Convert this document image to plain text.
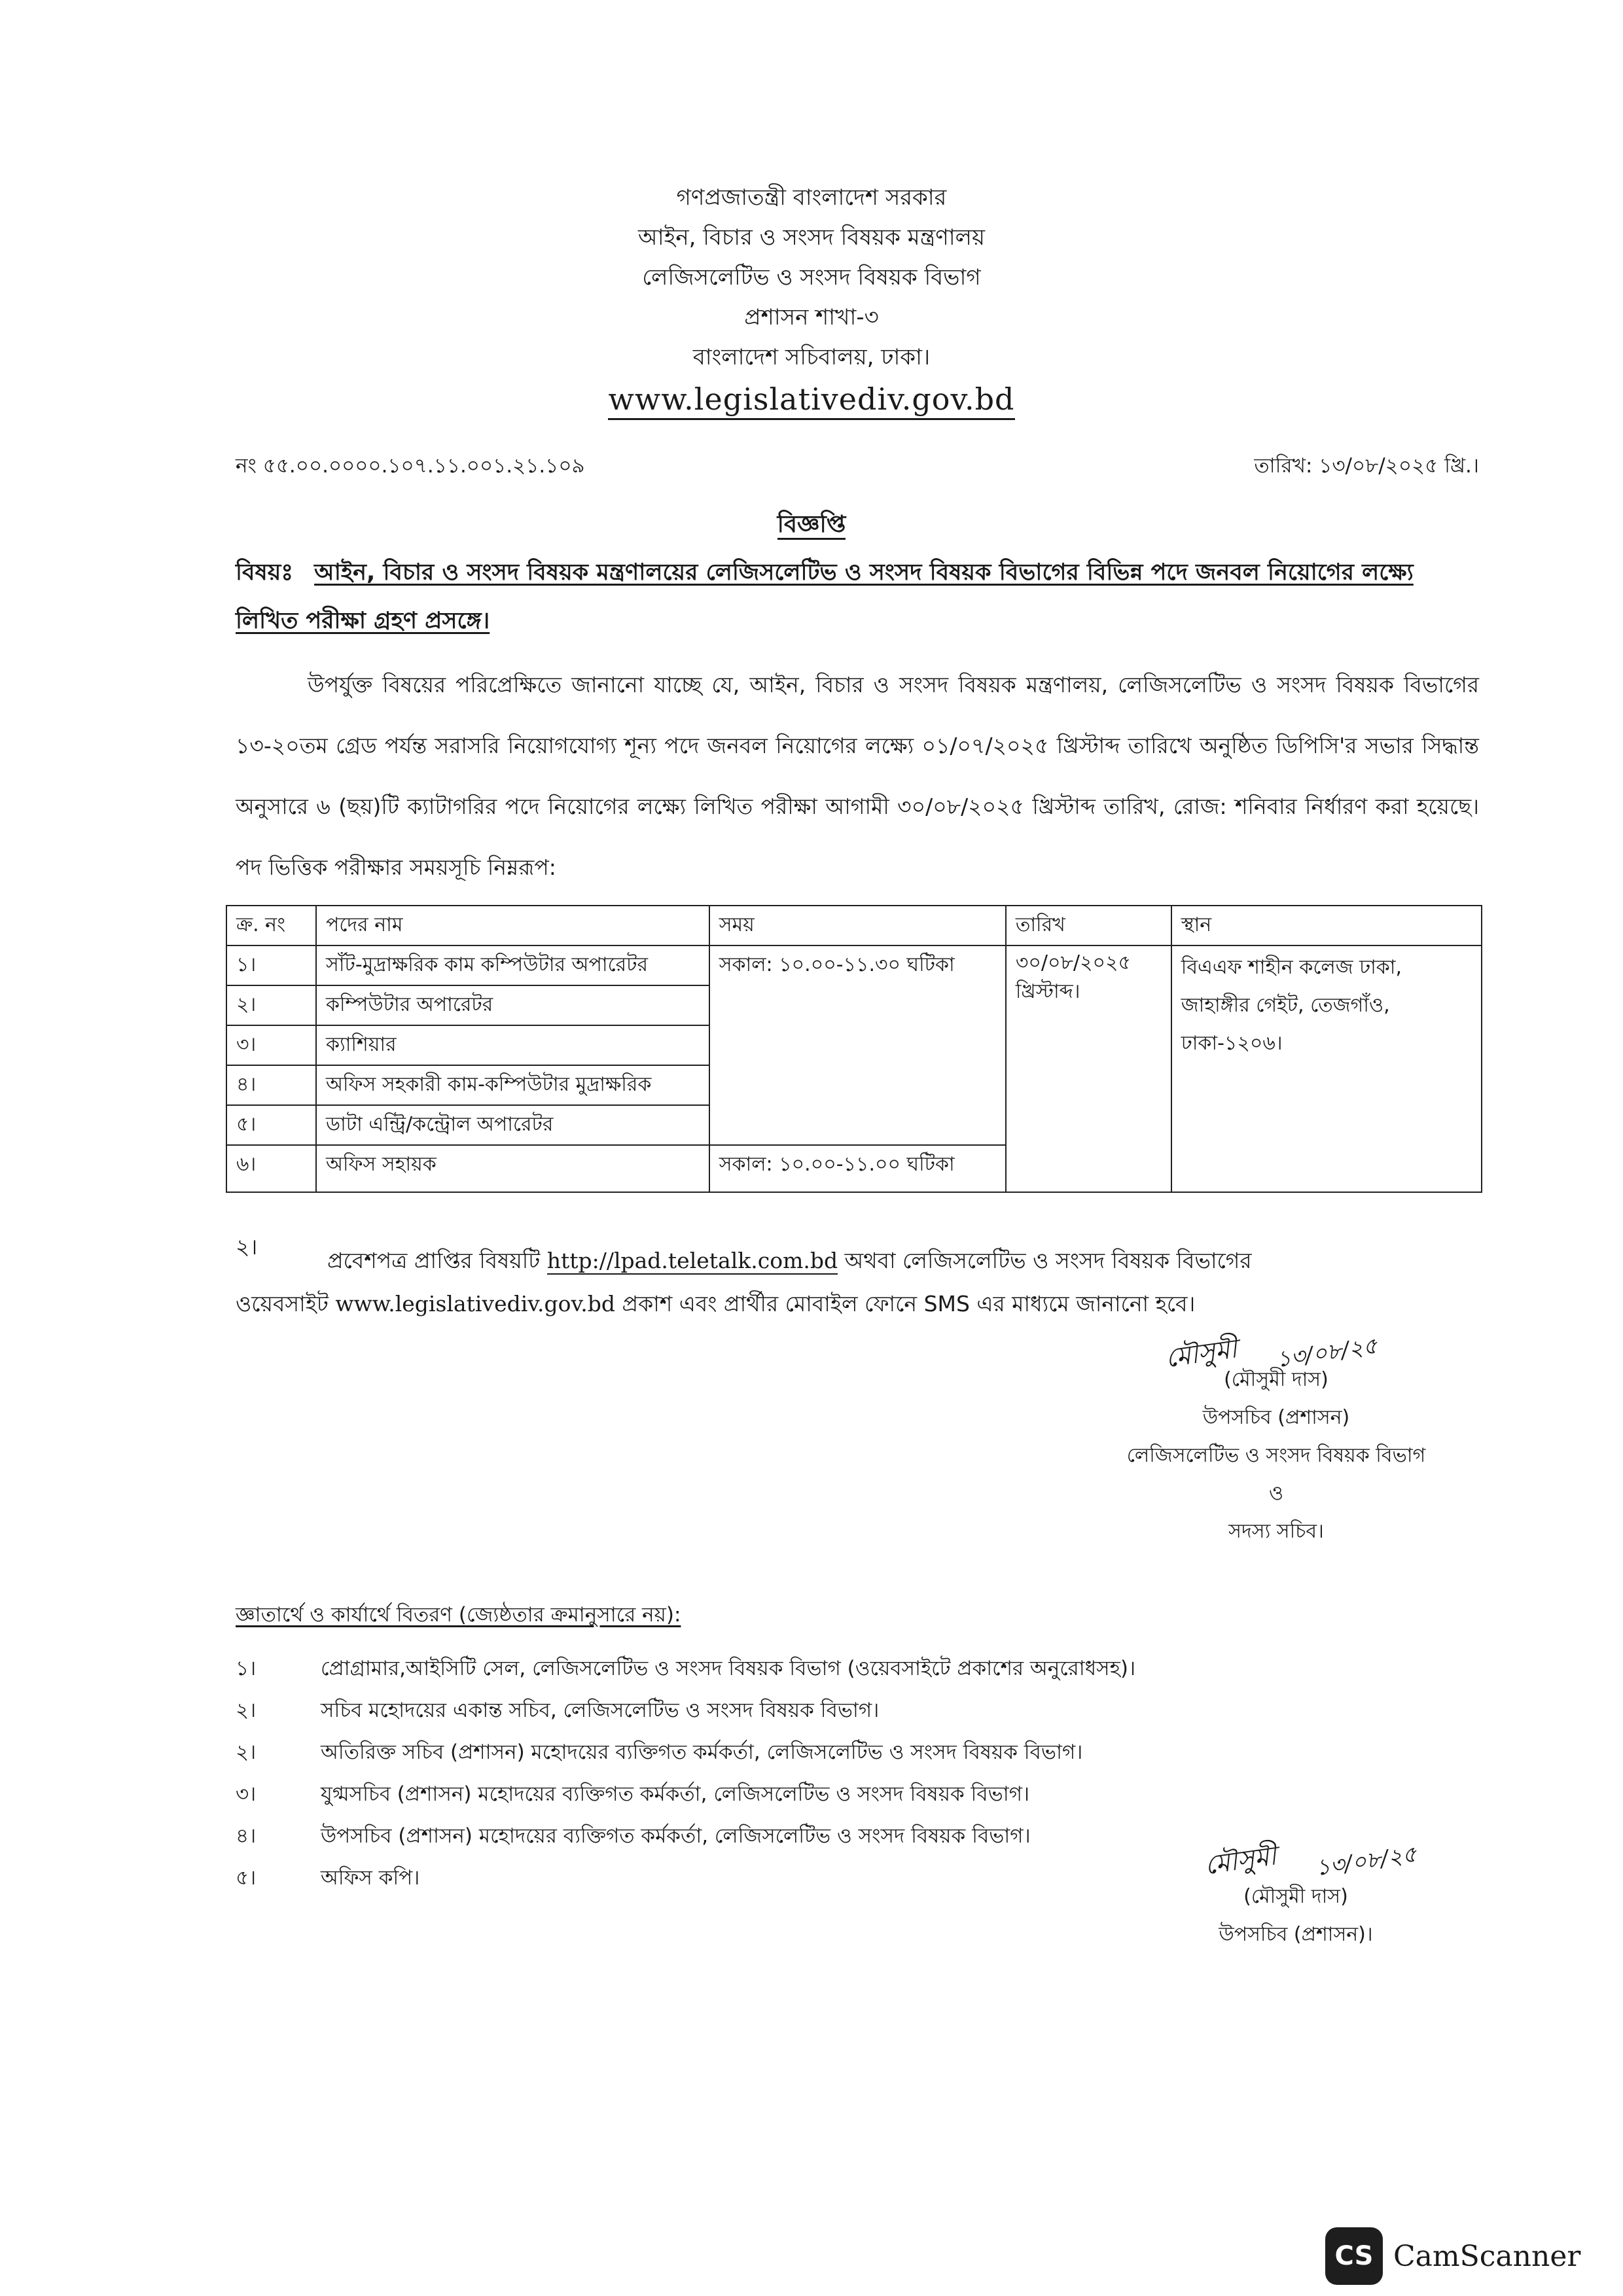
গণপ্রজাতন্ত্রী বাংলাদেশ সরকার
আইন, বিচার ও সংসদ বিষয়ক মন্ত্রণালয়
লেজিসলেটিভ ও সংসদ বিষয়ক বিভাগ
প্রশাসন শাখা-৩
বাংলাদেশ সচিবালয়, ঢাকা।
www.legislativediv.gov.bd
নং ৫৫.০০.০০০০.১০৭.১১.০০১.২১.১০৯	তারিখ: ১৩/০৮/২০২৫ খ্রি.।
বিজ্ঞপ্তি
বিষয়ঃ আইন, বিচার ও সংসদ বিষয়ক মন্ত্রণালয়ের লেজিসলেটিভ ও সংসদ বিষয়ক বিভাগের বিভিন্ন পদে জনবল নিয়োগের লক্ষ্যে লিখিত পরীক্ষা গ্রহণ প্রসঙ্গে।
উপর্যুক্ত বিষয়ের পরিপ্রেক্ষিতে জানানো যাচ্ছে যে, আইন, বিচার ও সংসদ বিষয়ক মন্ত্রণালয়, লেজিসলেটিভ ও সংসদ বিষয়ক বিভাগের ১৩-২০তম গ্রেড পর্যন্ত সরাসরি নিয়োগযোগ্য শূন্য পদে জনবল নিয়োগের লক্ষ্যে ০১/০৭/২০২৫ খ্রিস্টাব্দ তারিখে অনুষ্ঠিত ডিপিসি'র সভার সিদ্ধান্ত অনুসারে ৬ (ছয়)টি ক্যাটাগরির পদে নিয়োগের লক্ষ্যে লিখিত পরীক্ষা আগামী ৩০/০৮/২০২৫ খ্রিস্টাব্দ তারিখ, রোজ: শনিবার নির্ধারণ করা হয়েছে। পদ ভিত্তিক পরীক্ষার সময়সূচি নিম্নরূপ:
ক্র. নং	পদের নাম	সময়	তারিখ	স্থান
১।	সাঁট-মুদ্রাক্ষরিক কাম কম্পিউটার অপারেটর	সকাল: ১০.০০-১১.৩০ ঘটিকা	৩০/০৮/২০২৫ খ্রিস্টাব্দ।	বিএএফ শাহীন কলেজ ঢাকা, জাহাঙ্গীর গেইট, তেজগাঁও, ঢাকা-১২০৬।
২।	কম্পিউটার অপারেটর			
৩।	ক্যাশিয়ার			
৪।	অফিস সহকারী কাম-কম্পিউটার মুদ্রাক্ষরিক			
৫।	ডাটা এন্ট্রি/কন্ট্রোল অপারেটর			
৬।	অফিস সহায়ক	সকাল: ১০.০০-১১.০০ ঘটিকা		
২।
প্রবেশপত্র প্রাপ্তির বিষয়টি http://lpad.teletalk.com.bd অথবা লেজিসলেটিভ ও সংসদ বিষয়ক বিভাগের
ওয়েবসাইট www.legislativediv.gov.bd প্রকাশ এবং প্রার্থীর মোবাইল ফোনে SMS এর মাধ্যমে জানানো হবে।
মৌসুমী	১৩/০৮/২৫
(মৌসুমী দাস)
উপসচিব (প্রশাসন)
লেজিসলেটিভ ও সংসদ বিষয়ক বিভাগ
ও
সদস্য সচিব।
জ্ঞাতার্থে ও কার্যার্থে বিতরণ (জ্যেষ্ঠতার ক্রমানুসারে নয়):
১।	প্রোগ্রামার,আইসিটি সেল, লেজিসলেটিভ ও সংসদ বিষয়ক বিভাগ (ওয়েবসাইটে প্রকাশের অনুরোধসহ)।
২।	সচিব মহোদয়ের একান্ত সচিব, লেজিসলেটিভ ও সংসদ বিষয়ক বিভাগ।
২।	অতিরিক্ত সচিব (প্রশাসন) মহোদয়ের ব্যক্তিগত কর্মকর্তা, লেজিসলেটিভ ও সংসদ বিষয়ক বিভাগ।
৩।	যুগ্মসচিব (প্রশাসন) মহোদয়ের ব্যক্তিগত কর্মকর্তা, লেজিসলেটিভ ও সংসদ বিষয়ক বিভাগ।
৪।	উপসচিব (প্রশাসন) মহোদয়ের ব্যক্তিগত কর্মকর্তা, লেজিসলেটিভ ও সংসদ বিষয়ক বিভাগ।
৫।	অফিস কপি।	মৌসুমী	১৩/০৮/২৫
(মৌসুমী দাস)
উপসচিব (প্রশাসন)।
CS CamScanner
